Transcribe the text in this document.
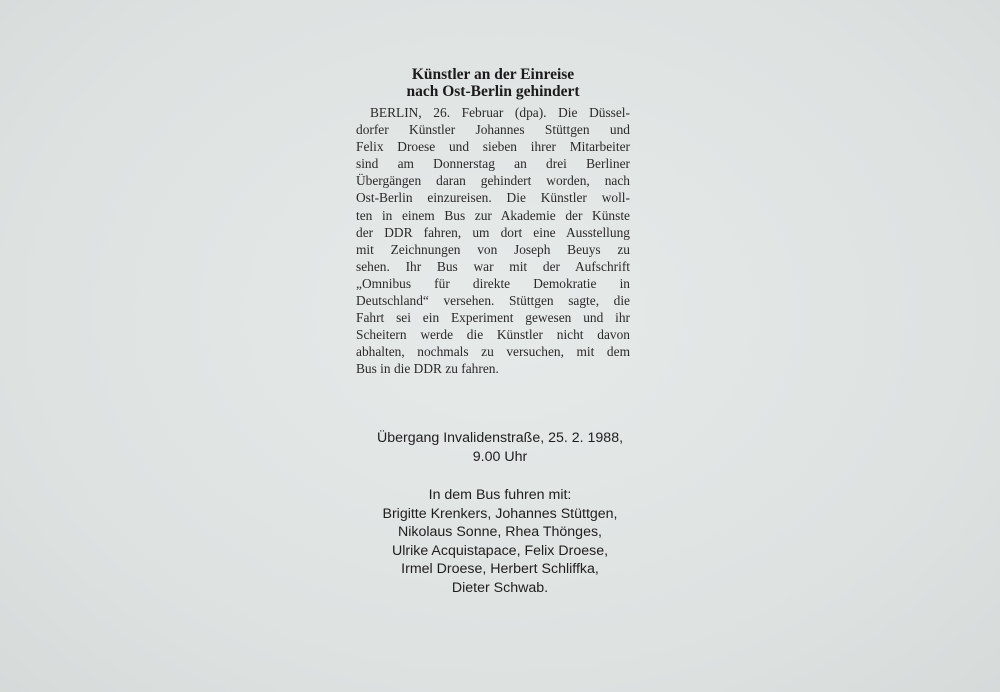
Künstler an der Einreise
nach Ost-Berlin gehindert
BERLIN, 26. Februar (dpa). Die Düssel-
dorfer Künstler Johannes Stüttgen und
Felix Droese und sieben ihrer Mitarbeiter
sind am Donnerstag an drei Berliner
Übergängen daran gehindert worden, nach
Ost-Berlin einzureisen. Die Künstler woll-
ten in einem Bus zur Akademie der Künste
der DDR fahren, um dort eine Ausstellung
mit Zeichnungen von Joseph Beuys zu
sehen. Ihr Bus war mit der Aufschrift
„Omnibus für direkte Demokratie in
Deutschland“ versehen. Stüttgen sagte, die
Fahrt sei ein Experiment gewesen und ihr
Scheitern werde die Künstler nicht davon
abhalten, nochmals zu versuchen, mit dem
Bus in die DDR zu fahren.
Übergang Invalidenstraße, 25. 2. 1988,
9.00 Uhr
In dem Bus fuhren mit:
Brigitte Krenkers, Johannes Stüttgen,
Nikolaus Sonne, Rhea Thönges,
Ulrike Acquistapace, Felix Droese,
Irmel Droese, Herbert Schliffka,
Dieter Schwab.
